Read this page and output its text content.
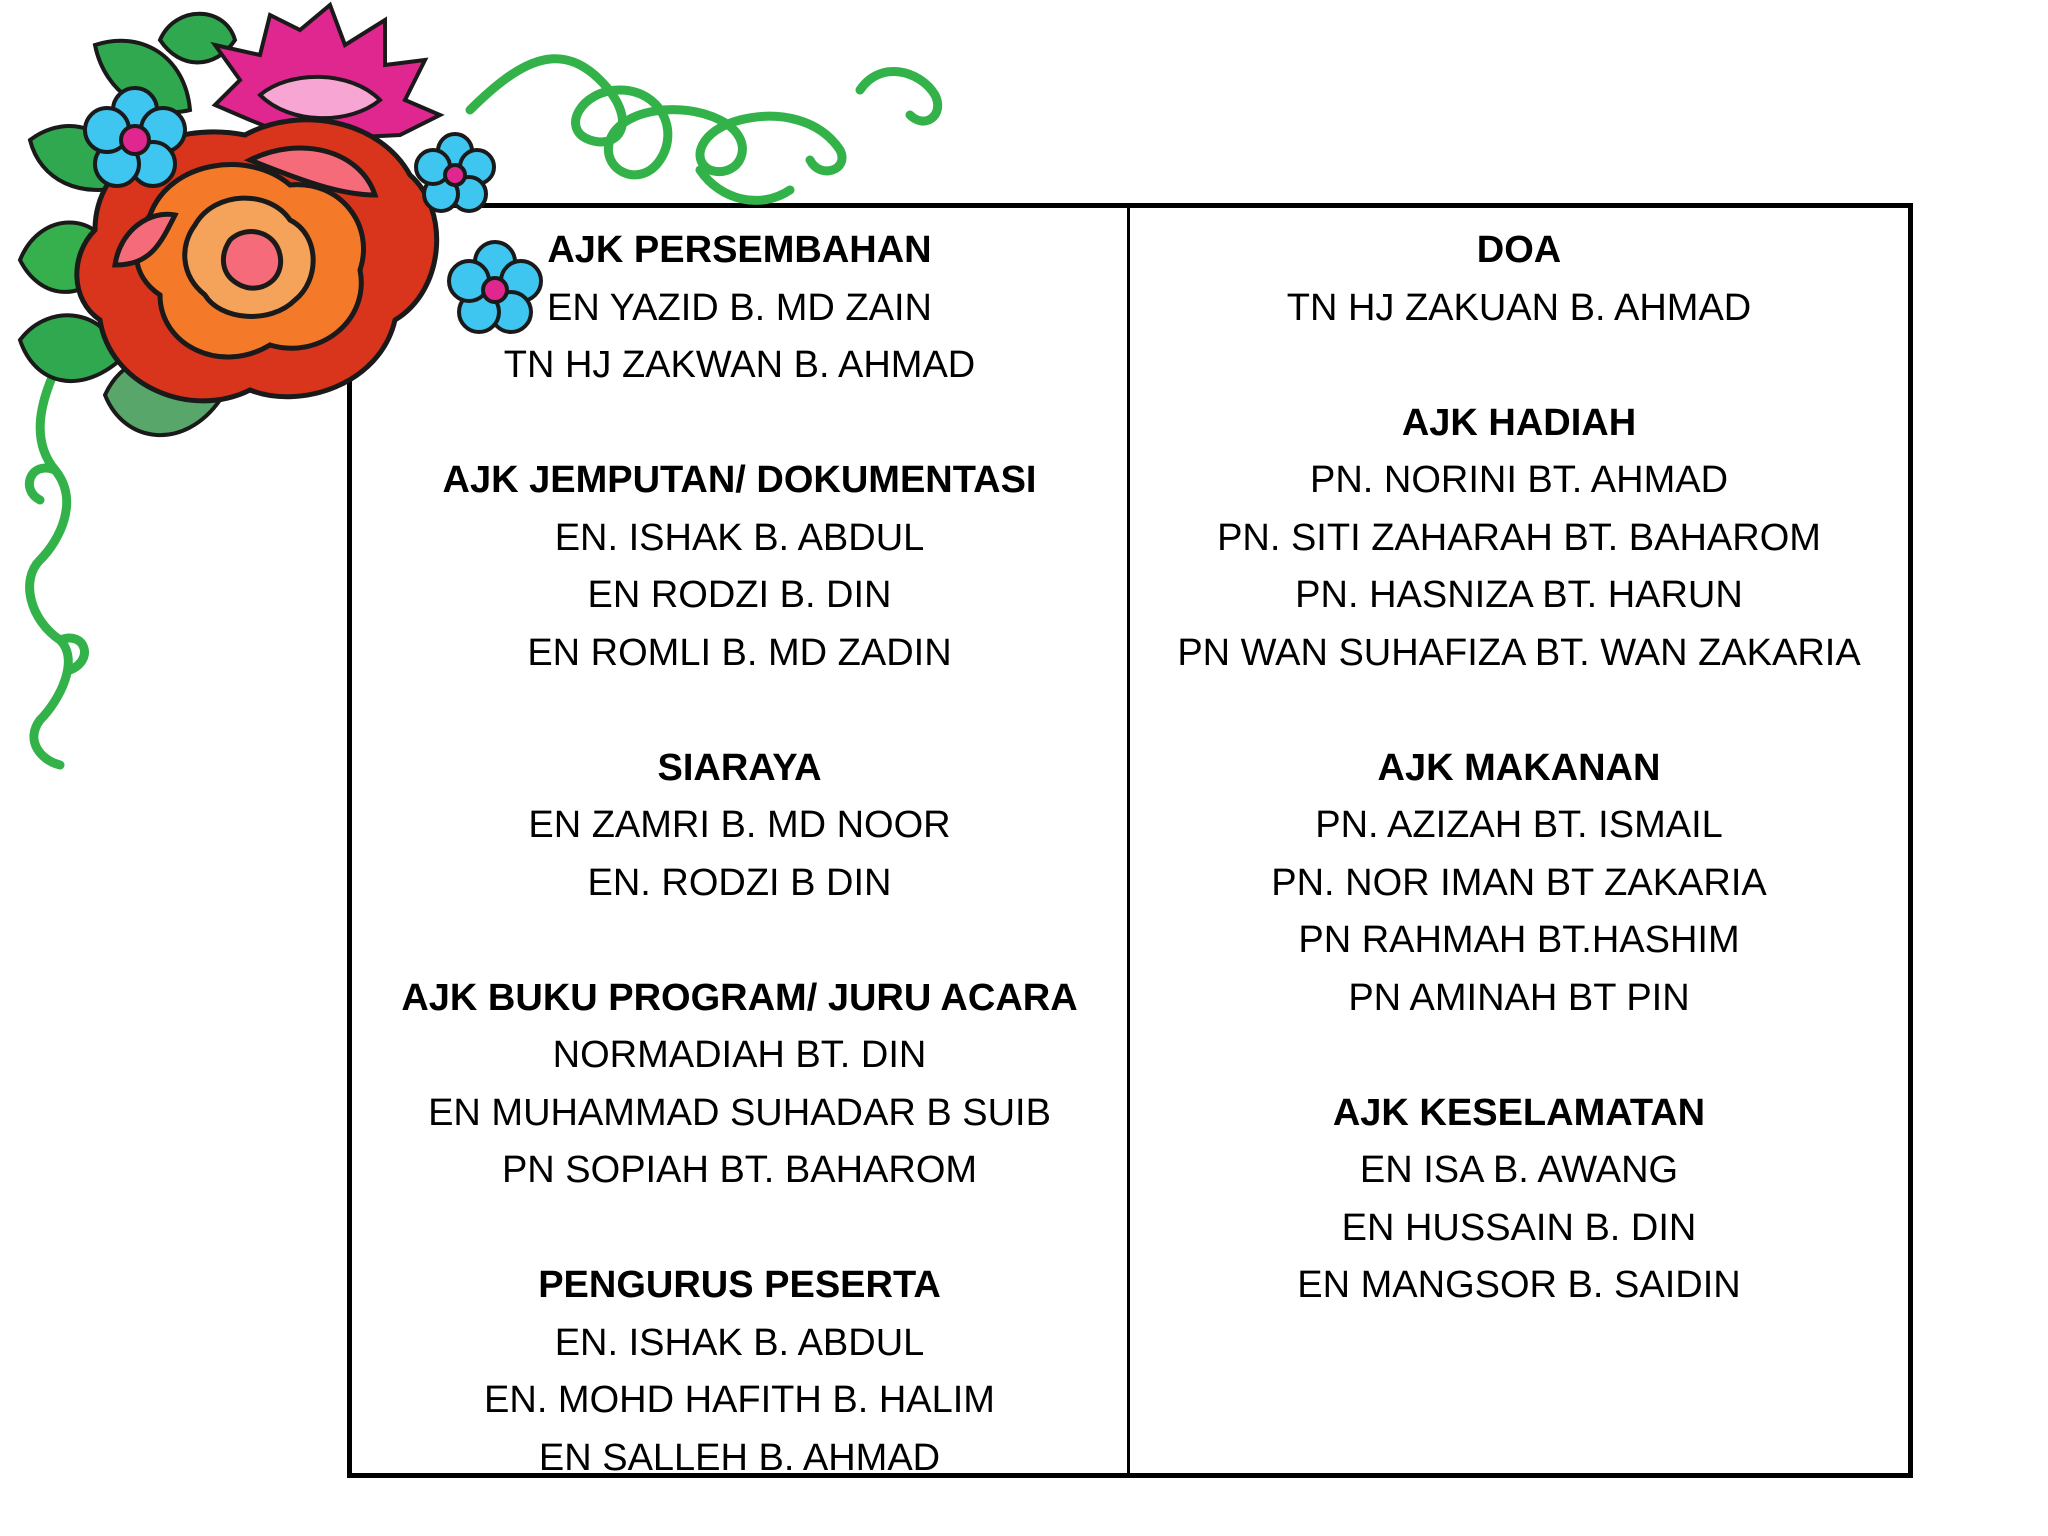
AJK PERSEMBAHAN
EN YAZID B. MD ZAIN
TN HJ ZAKWAN B. AHMAD
AJK JEMPUTAN/ DOKUMENTASI
EN. ISHAK B. ABDUL
EN RODZI B. DIN
EN ROMLI B. MD ZADIN
SIARAYA
EN ZAMRI B. MD NOOR
EN. RODZI B DIN
AJK BUKU PROGRAM/ JURU ACARA
NORMADIAH BT. DIN
EN MUHAMMAD SUHADAR B SUIB
PN SOPIAH BT. BAHAROM
PENGURUS PESERTA
EN. ISHAK B. ABDUL
EN. MOHD HAFITH B. HALIM
EN SALLEH B. AHMAD
DOA
TN HJ ZAKUAN B. AHMAD
AJK HADIAH
PN. NORINI BT. AHMAD
PN. SITI ZAHARAH BT. BAHAROM
PN. HASNIZA BT. HARUN
PN WAN SUHAFIZA BT. WAN ZAKARIA
AJK MAKANAN
PN. AZIZAH BT. ISMAIL
PN. NOR IMAN BT ZAKARIA
PN RAHMAH BT.HASHIM
PN AMINAH BT PIN
AJK KESELAMATAN
EN ISA B. AWANG
EN HUSSAIN B. DIN
EN MANGSOR B. SAIDIN
